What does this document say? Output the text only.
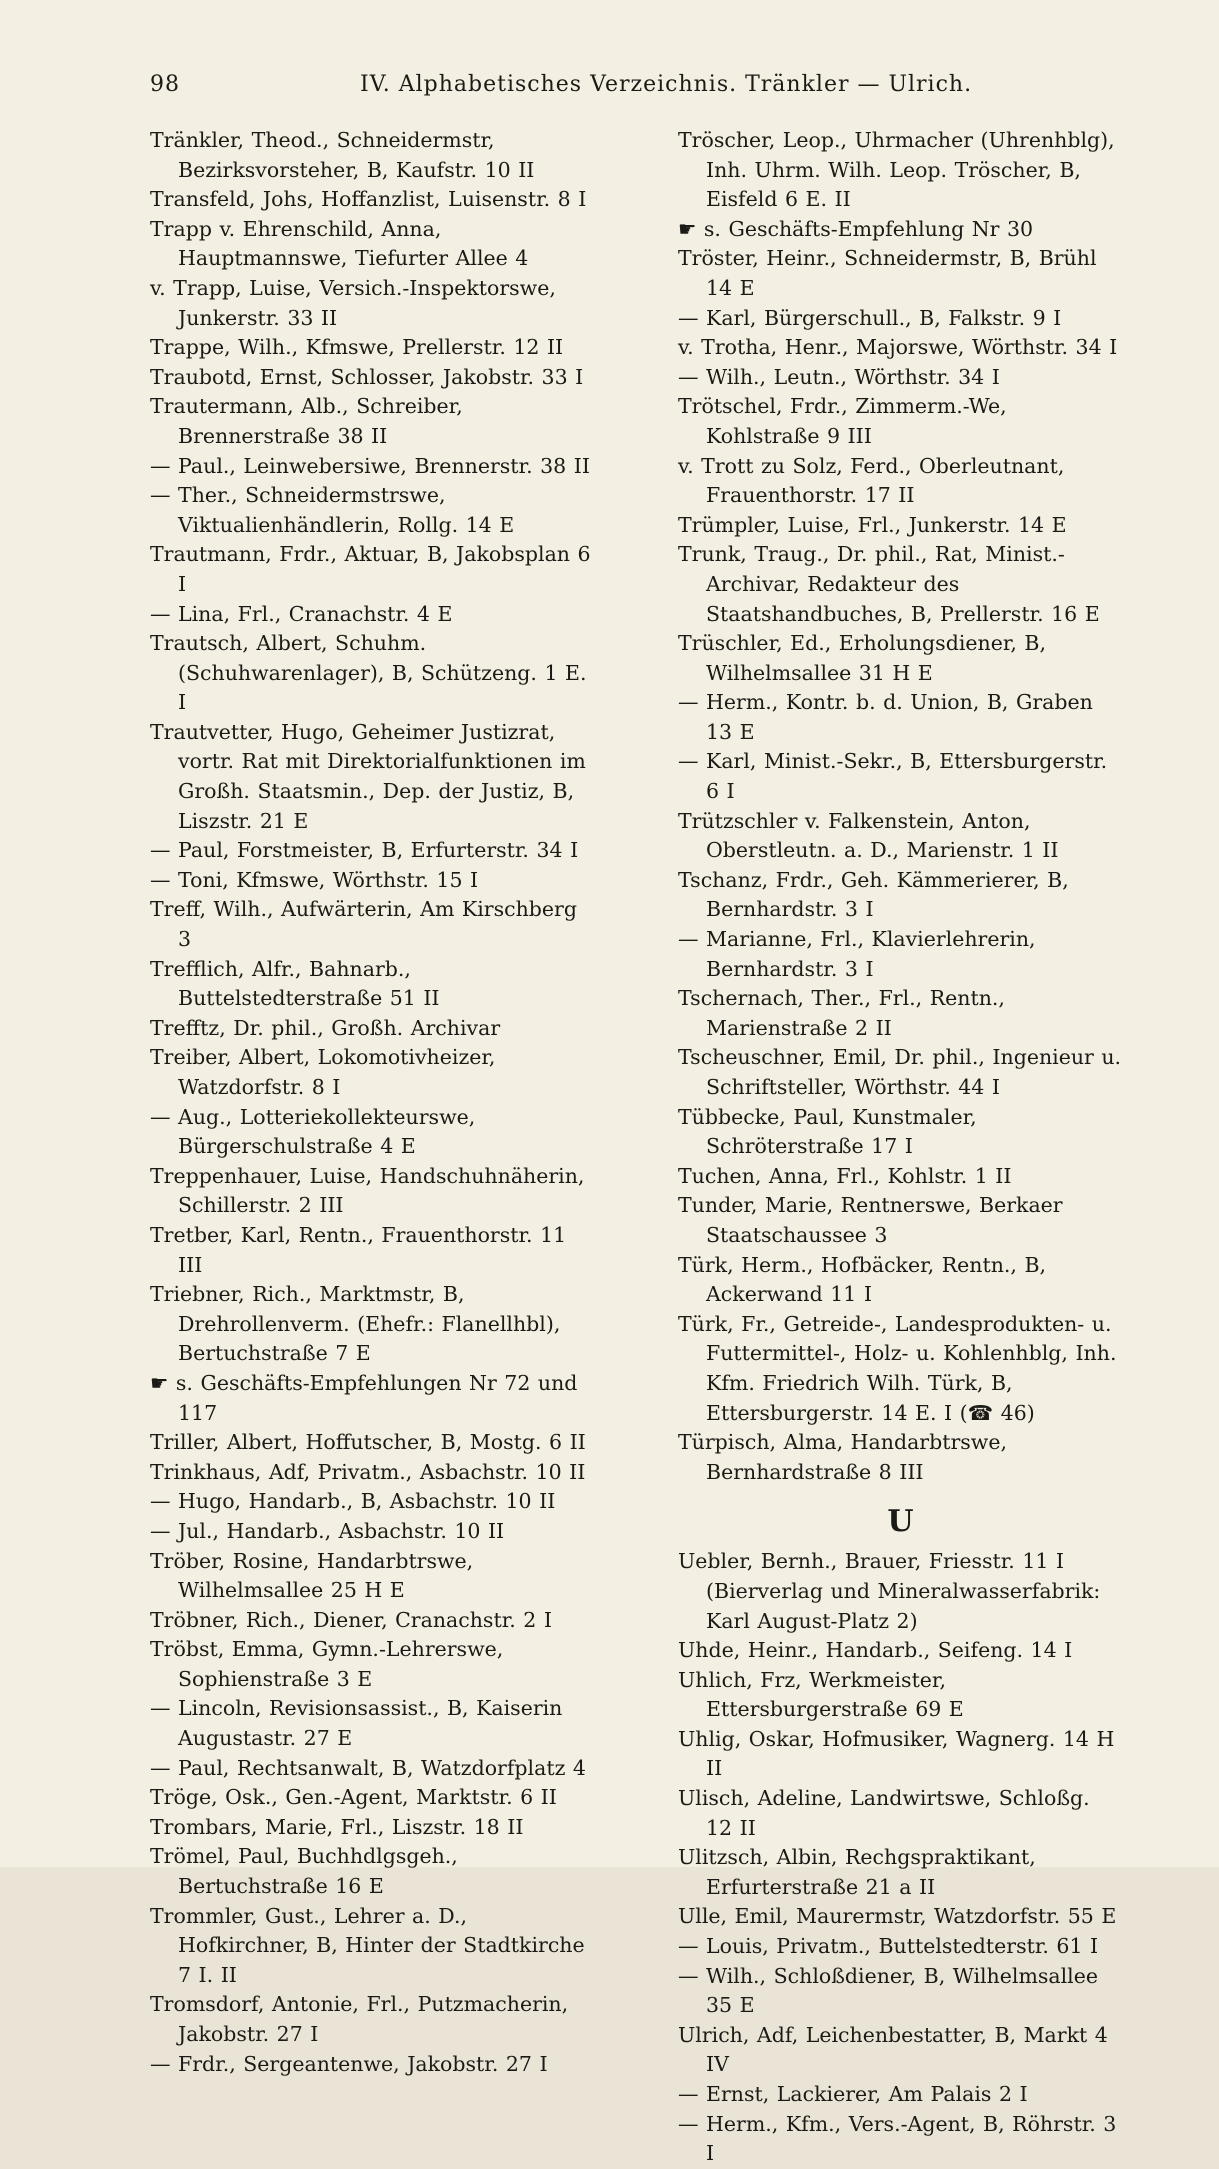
98	IV. Alphabetisches Verzeichnis. Tränkler — Ulrich.
Tränkler, Theod., Schneidermstr, Bezirksvorsteher, B, Kaufstr. 10 II
Transfeld, Johs, Hoffanzlist, Luisenstr. 8 I
Trapp v. Ehrenschild, Anna, Hauptmannswe, Tiefurter Allee 4
v. Trapp, Luise, Versich.-Inspektorswe, Junkerstr. 33 II
Trappe, Wilh., Kfmswe, Prellerstr. 12 II
Traubotd, Ernst, Schlosser, Jakobstr. 33 I
Trautermann, Alb., Schreiber, Brennerstraße 38 II
— Paul., Leinwebersiwe, Brennerstr. 38 II
— Ther., Schneidermstrswe, Viktualienhändlerin, Rollg. 14 E
Trautmann, Frdr., Aktuar, B, Jakobsplan 6 I
— Lina, Frl., Cranachstr. 4 E
Trautsch, Albert, Schuhm. (Schuhwarenlager), B, Schützeng. 1 E. I
Trautvetter, Hugo, Geheimer Justizrat, vortr. Rat mit Direktorialfunktionen im Großh. Staatsmin., Dep. der Justiz, B, Liszstr. 21 E
— Paul, Forstmeister, B, Erfurterstr. 34 I
— Toni, Kfmswe, Wörthstr. 15 I
Treff, Wilh., Aufwärterin, Am Kirschberg 3
Trefflich, Alfr., Bahnarb., Buttelstedterstraße 51 II
Trefftz, Dr. phil., Großh. Archivar
Treiber, Albert, Lokomotivheizer, Watzdorfstr. 8 I
— Aug., Lotteriekollekteurswe, Bürgerschulstraße 4 E
Treppenhauer, Luise, Handschuhnäherin, Schillerstr. 2 III
Tretber, Karl, Rentn., Frauenthorstr. 11 III
Triebner, Rich., Marktmstr, B, Drehrollenverm. (Ehefr.: Flanellhbl), Bertuchstraße 7 E
☛ s. Geschäfts-Empfehlungen Nr 72 und 117
Triller, Albert, Hoffutscher, B, Mostg. 6 II
Trinkhaus, Adf, Privatm., Asbachstr. 10 II
— Hugo, Handarb., B, Asbachstr. 10 II
— Jul., Handarb., Asbachstr. 10 II
Tröber, Rosine, Handarbtrswe, Wilhelmsallee 25 H E
Tröbner, Rich., Diener, Cranachstr. 2 I
Tröbst, Emma, Gymn.-Lehrerswe, Sophienstraße 3 E
— Lincoln, Revisionsassist., B, Kaiserin Augustastr. 27 E
— Paul, Rechtsanwalt, B, Watzdorfplatz 4
Tröge, Osk., Gen.-Agent, Marktstr. 6 II
Trombars, Marie, Frl., Liszstr. 18 II
Trömel, Paul, Buchhdlgsgeh., Bertuchstraße 16 E
Trommler, Gust., Lehrer a. D., Hofkirchner, B, Hinter der Stadtkirche 7 I. II
Tromsdorf, Antonie, Frl., Putzmacherin, Jakobstr. 27 I
— Frdr., Sergeantenwe, Jakobstr. 27 I
Tröscher, Leop., Uhrmacher (Uhrenhblg), Inh. Uhrm. Wilh. Leop. Tröscher, B, Eisfeld 6 E. II
☛ s. Geschäfts-Empfehlung Nr 30
Tröster, Heinr., Schneidermstr, B, Brühl 14 E
— Karl, Bürgerschull., B, Falkstr. 9 I
v. Trotha, Henr., Majorswe, Wörthstr. 34 I
— Wilh., Leutn., Wörthstr. 34 I
Trötschel, Frdr., Zimmerm.-We, Kohlstraße 9 III
v. Trott zu Solz, Ferd., Oberleutnant, Frauenthorstr. 17 II
Trümpler, Luise, Frl., Junkerstr. 14 E
Trunk, Traug., Dr. phil., Rat, Minist.-Archivar, Redakteur des Staatshandbuches, B, Prellerstr. 16 E
Trüschler, Ed., Erholungsdiener, B, Wilhelmsallee 31 H E
— Herm., Kontr. b. d. Union, B, Graben 13 E
— Karl, Minist.-Sekr., B, Ettersburgerstr. 6 I
Trützschler v. Falkenstein, Anton, Oberstleutn. a. D., Marienstr. 1 II
Tschanz, Frdr., Geh. Kämmerierer, B, Bernhardstr. 3 I
— Marianne, Frl., Klavierlehrerin, Bernhardstr. 3 I
Tschernach, Ther., Frl., Rentn., Marienstraße 2 II
Tscheuschner, Emil, Dr. phil., Ingenieur u. Schriftsteller, Wörthstr. 44 I
Tübbecke, Paul, Kunstmaler, Schröterstraße 17 I
Tuchen, Anna, Frl., Kohlstr. 1 II
Tunder, Marie, Rentnerswe, Berkaer Staatschaussee 3
Türk, Herm., Hofbäcker, Rentn., B, Ackerwand 11 I
Türk, Fr., Getreide-, Landesprodukten- u. Futtermittel-, Holz- u. Kohlenhblg, Inh. Kfm. Friedrich Wilh. Türk, B, Ettersburgerstr. 14 E. I (☎ 46)
Türpisch, Alma, Handarbtrswe, Bernhardstraße 8 III
U
Uebler, Bernh., Brauer, Friesstr. 11 I (Bierverlag und Mineralwasserfabrik: Karl August-Platz 2)
Uhde, Heinr., Handarb., Seifeng. 14 I
Uhlich, Frz, Werkmeister, Ettersburgerstraße 69 E
Uhlig, Oskar, Hofmusiker, Wagnerg. 14 H II
Ulisch, Adeline, Landwirtswe, Schloßg. 12 II
Ulitzsch, Albin, Rechgspraktikant, Erfurterstraße 21 a II
Ulle, Emil, Maurermstr, Watzdorfstr. 55 E
— Louis, Privatm., Buttelstedterstr. 61 I
— Wilh., Schloßdiener, B, Wilhelmsallee 35 E
Ulrich, Adf, Leichenbestatter, B, Markt 4 IV
— Ernst, Lackierer, Am Palais 2 I
— Herm., Kfm., Vers.-Agent, B, Röhrstr. 3 I
